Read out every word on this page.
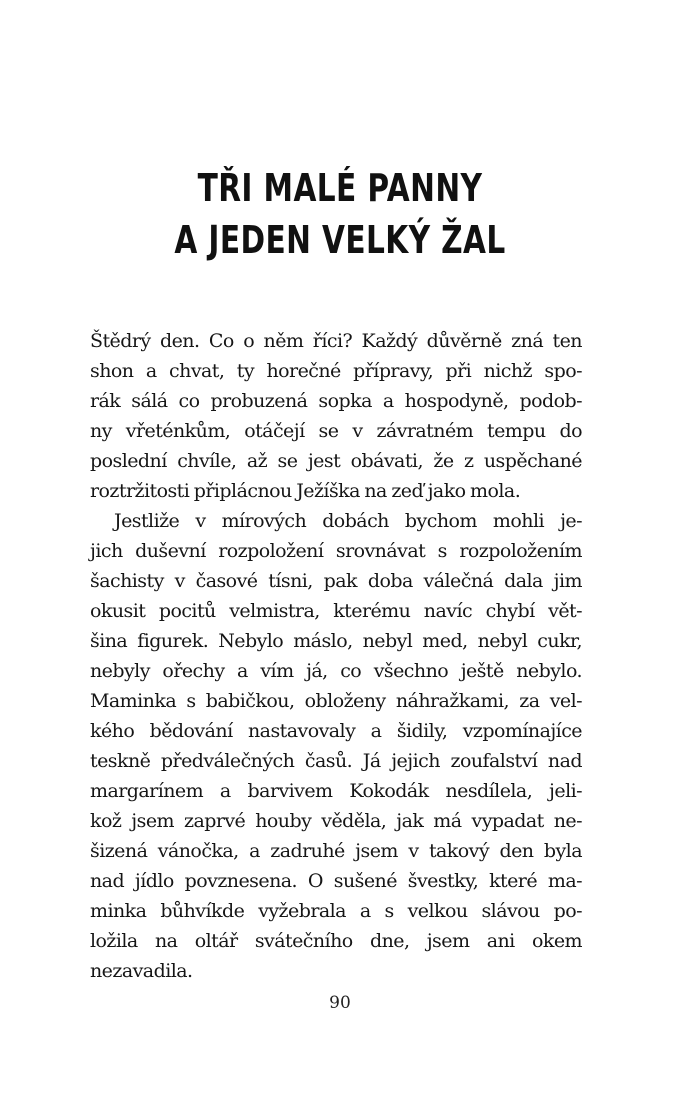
TŘI MALÉ PANNY
A JEDEN VELKÝ ŽAL
Štědrý den. Co o něm říci? Každý důvěrně zná ten
shon a chvat, ty horečné přípravy, při nichž spo-
rák sálá co probuzená sopka a hospodyně, podob-
ny vřeténkům, otáčejí se v závratném tempu do
poslední chvíle, až se jest obávati, že z uspěchané
roztržitosti připlácnou Ježíška na zeď jako mola.
Jestliže v mírových dobách bychom mohli je-
jich duševní rozpoložení srovnávat s rozpoložením
šachisty v časové tísni, pak doba válečná dala jim
okusit pocitů velmistra, kterému navíc chybí vět-
šina figurek. Nebylo máslo, nebyl med, nebyl cukr,
nebyly ořechy a vím já, co všechno ještě nebylo.
Maminka s babičkou, obloženy náhražkami, za vel-
kého bědování nastavovaly a šidily, vzpomínajíce
teskně předválečných časů. Já jejich zoufalství nad
margarínem a barvivem Kokodák nesdílela, jeli-
kož jsem zaprvé houby věděla, jak má vypadat ne-
šizená vánočka, a zadruhé jsem v takový den byla
nad jídlo povznesena. O sušené švestky, které ma-
minka bůhvíkde vyžebrala a s velkou slávou po-
ložila na oltář svátečního dne, jsem ani okem
nezavadila.
90
